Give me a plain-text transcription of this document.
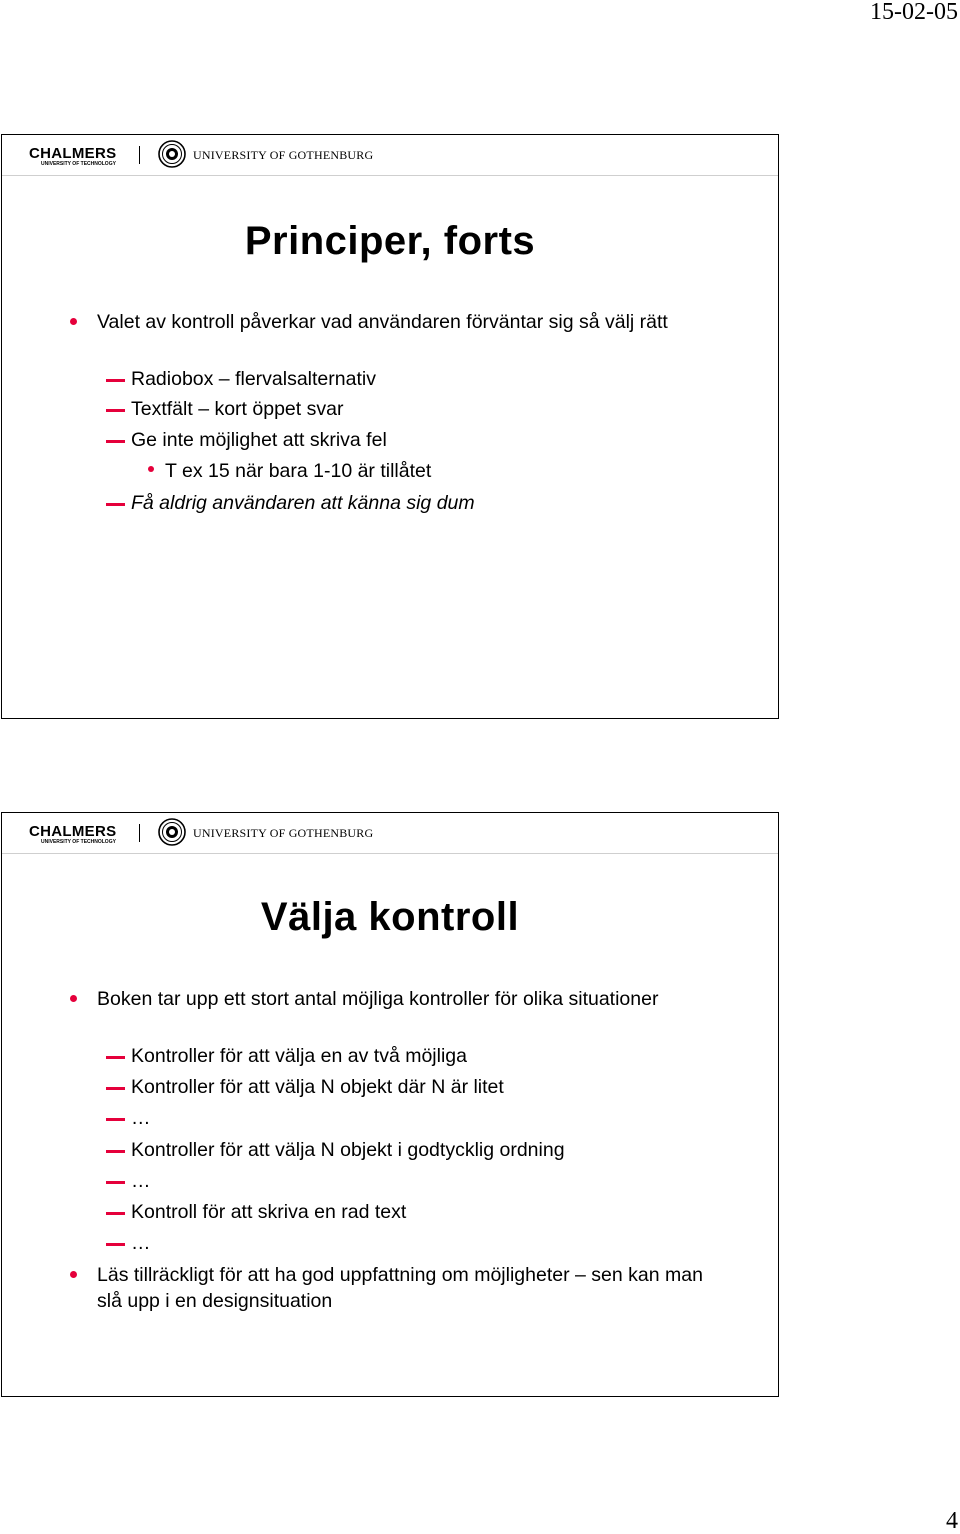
15-02-05
CHALMERS
UNIVERSITY OF TECHNOLOGY
UNIVERSITY OF GOTHENBURG
Principer, forts
Valet av kontroll påverkar vad användaren förväntar sig så välj rätt
Radiobox – flervalsalternativ
Textfält – kort öppet svar
Ge inte möjlighet att skriva fel
T ex 15 när bara 1-10 är tillåtet
Få aldrig användaren att känna sig dum
CHALMERS
UNIVERSITY OF TECHNOLOGY
UNIVERSITY OF GOTHENBURG
Välja kontroll
Boken tar upp ett stort antal möjliga kontroller för olika situationer
Kontroller för att välja en av två möjliga
Kontroller för att välja N objekt där N är litet
…
Kontroller för att välja N objekt i godtycklig ordning
…
Kontroll för att skriva en rad text
…
Läs tillräckligt för att ha god uppfattning om möjligheter – sen kan man slå upp i en designsituation
4
